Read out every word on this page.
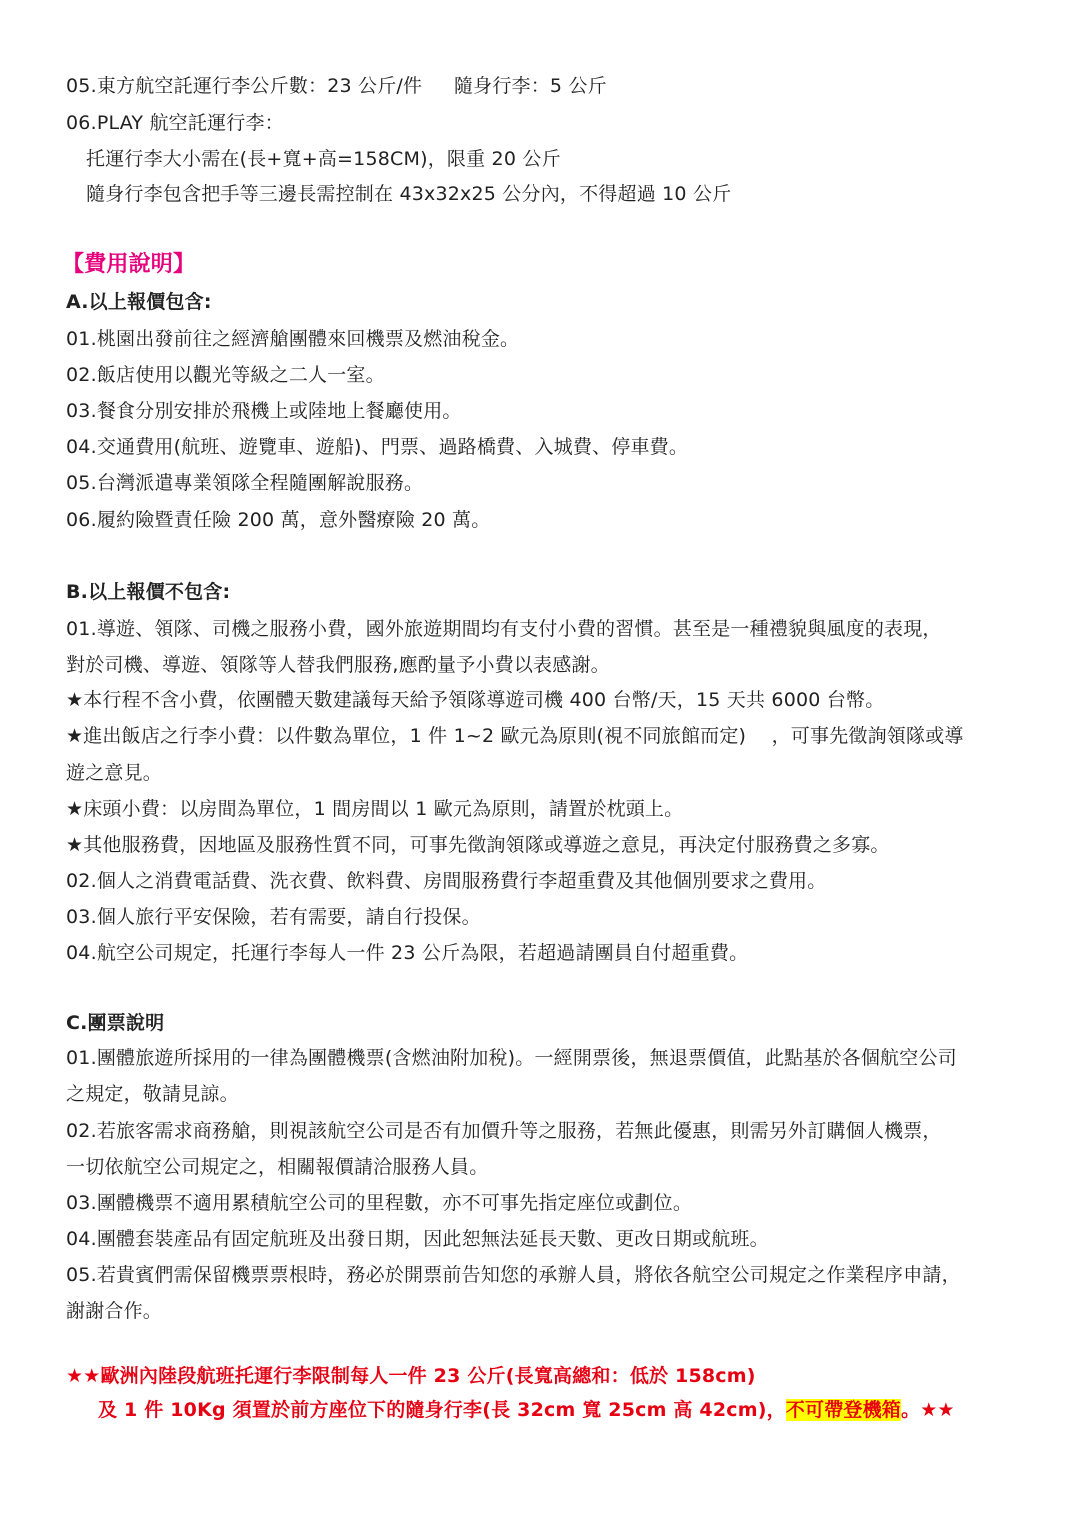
05.東方航空託運行李公斤數：23 公斤/件 　 隨身行李：5 公斤
06.PLAY 航空託運行李：
托運行李大小需在(長+寬+高=158CM)，限重 20 公斤
隨身行李包含把手等三邊長需控制在 43x32x25 公分內，不得超過 10 公斤
【費用說明】
A.以上報價包含:
01.桃園出發前往之經濟艙團體來回機票及燃油稅金。
02.飯店使用以觀光等級之二人一室。
03.餐食分別安排於飛機上或陸地上餐廳使用。
04.交通費用(航班、遊覽車、遊船)、門票、過路橋費、入城費、停車費。
05.台灣派遣專業領隊全程隨團解說服務。
06.履約險暨責任險 200 萬，意外醫療險 20 萬。
B.以上報價不包含:
01.導遊、領隊、司機之服務小費，國外旅遊期間均有支付小費的習慣。甚至是一種禮貌與風度的表現，
對於司機、導遊、領隊等人替我們服務,應酌量予小費以表感謝。
★本行程不含小費，依團體天數建議每天給予領隊導遊司機 400 台幣/天，15 天共 6000 台幣。
★進出飯店之行李小費：以件數為單位，1 件 1~2 歐元為原則(視不同旅館而定) 　，可事先徵詢領隊或導
遊之意見。
★床頭小費：以房間為單位，1 間房間以 1 歐元為原則，請置於枕頭上。
★其他服務費，因地區及服務性質不同，可事先徵詢領隊或導遊之意見，再決定付服務費之多寡。
02.個人之消費電話費、洗衣費、飲料費、房間服務費行李超重費及其他個別要求之費用。
03.個人旅行平安保險，若有需要，請自行投保。
04.航空公司規定，托運行李每人一件 23 公斤為限，若超過請團員自付超重費。
C.團票說明
01.團體旅遊所採用的一律為團體機票(含燃油附加稅)。一經開票後，無退票價值，此點基於各個航空公司
之規定，敬請見諒。
02.若旅客需求商務艙，則視該航空公司是否有加價升等之服務，若無此優惠，則需另外訂購個人機票，
一切依航空公司規定之，相關報價請洽服務人員。
03.團體機票不適用累積航空公司的里程數，亦不可事先指定座位或劃位。
04.團體套裝產品有固定航班及出發日期，因此恕無法延長天數、更改日期或航班。
05.若貴賓們需保留機票票根時，務必於開票前告知您的承辦人員，將依各航空公司規定之作業程序申請，
謝謝合作。
★★歐洲內陸段航班托運行李限制每人一件 23 公斤(長寬高總和：低於 158cm)
及 1 件 10Kg 須置於前方座位下的隨身行李(長 32cm 寬 25cm 高 42cm)，不可帶登機箱。★★
